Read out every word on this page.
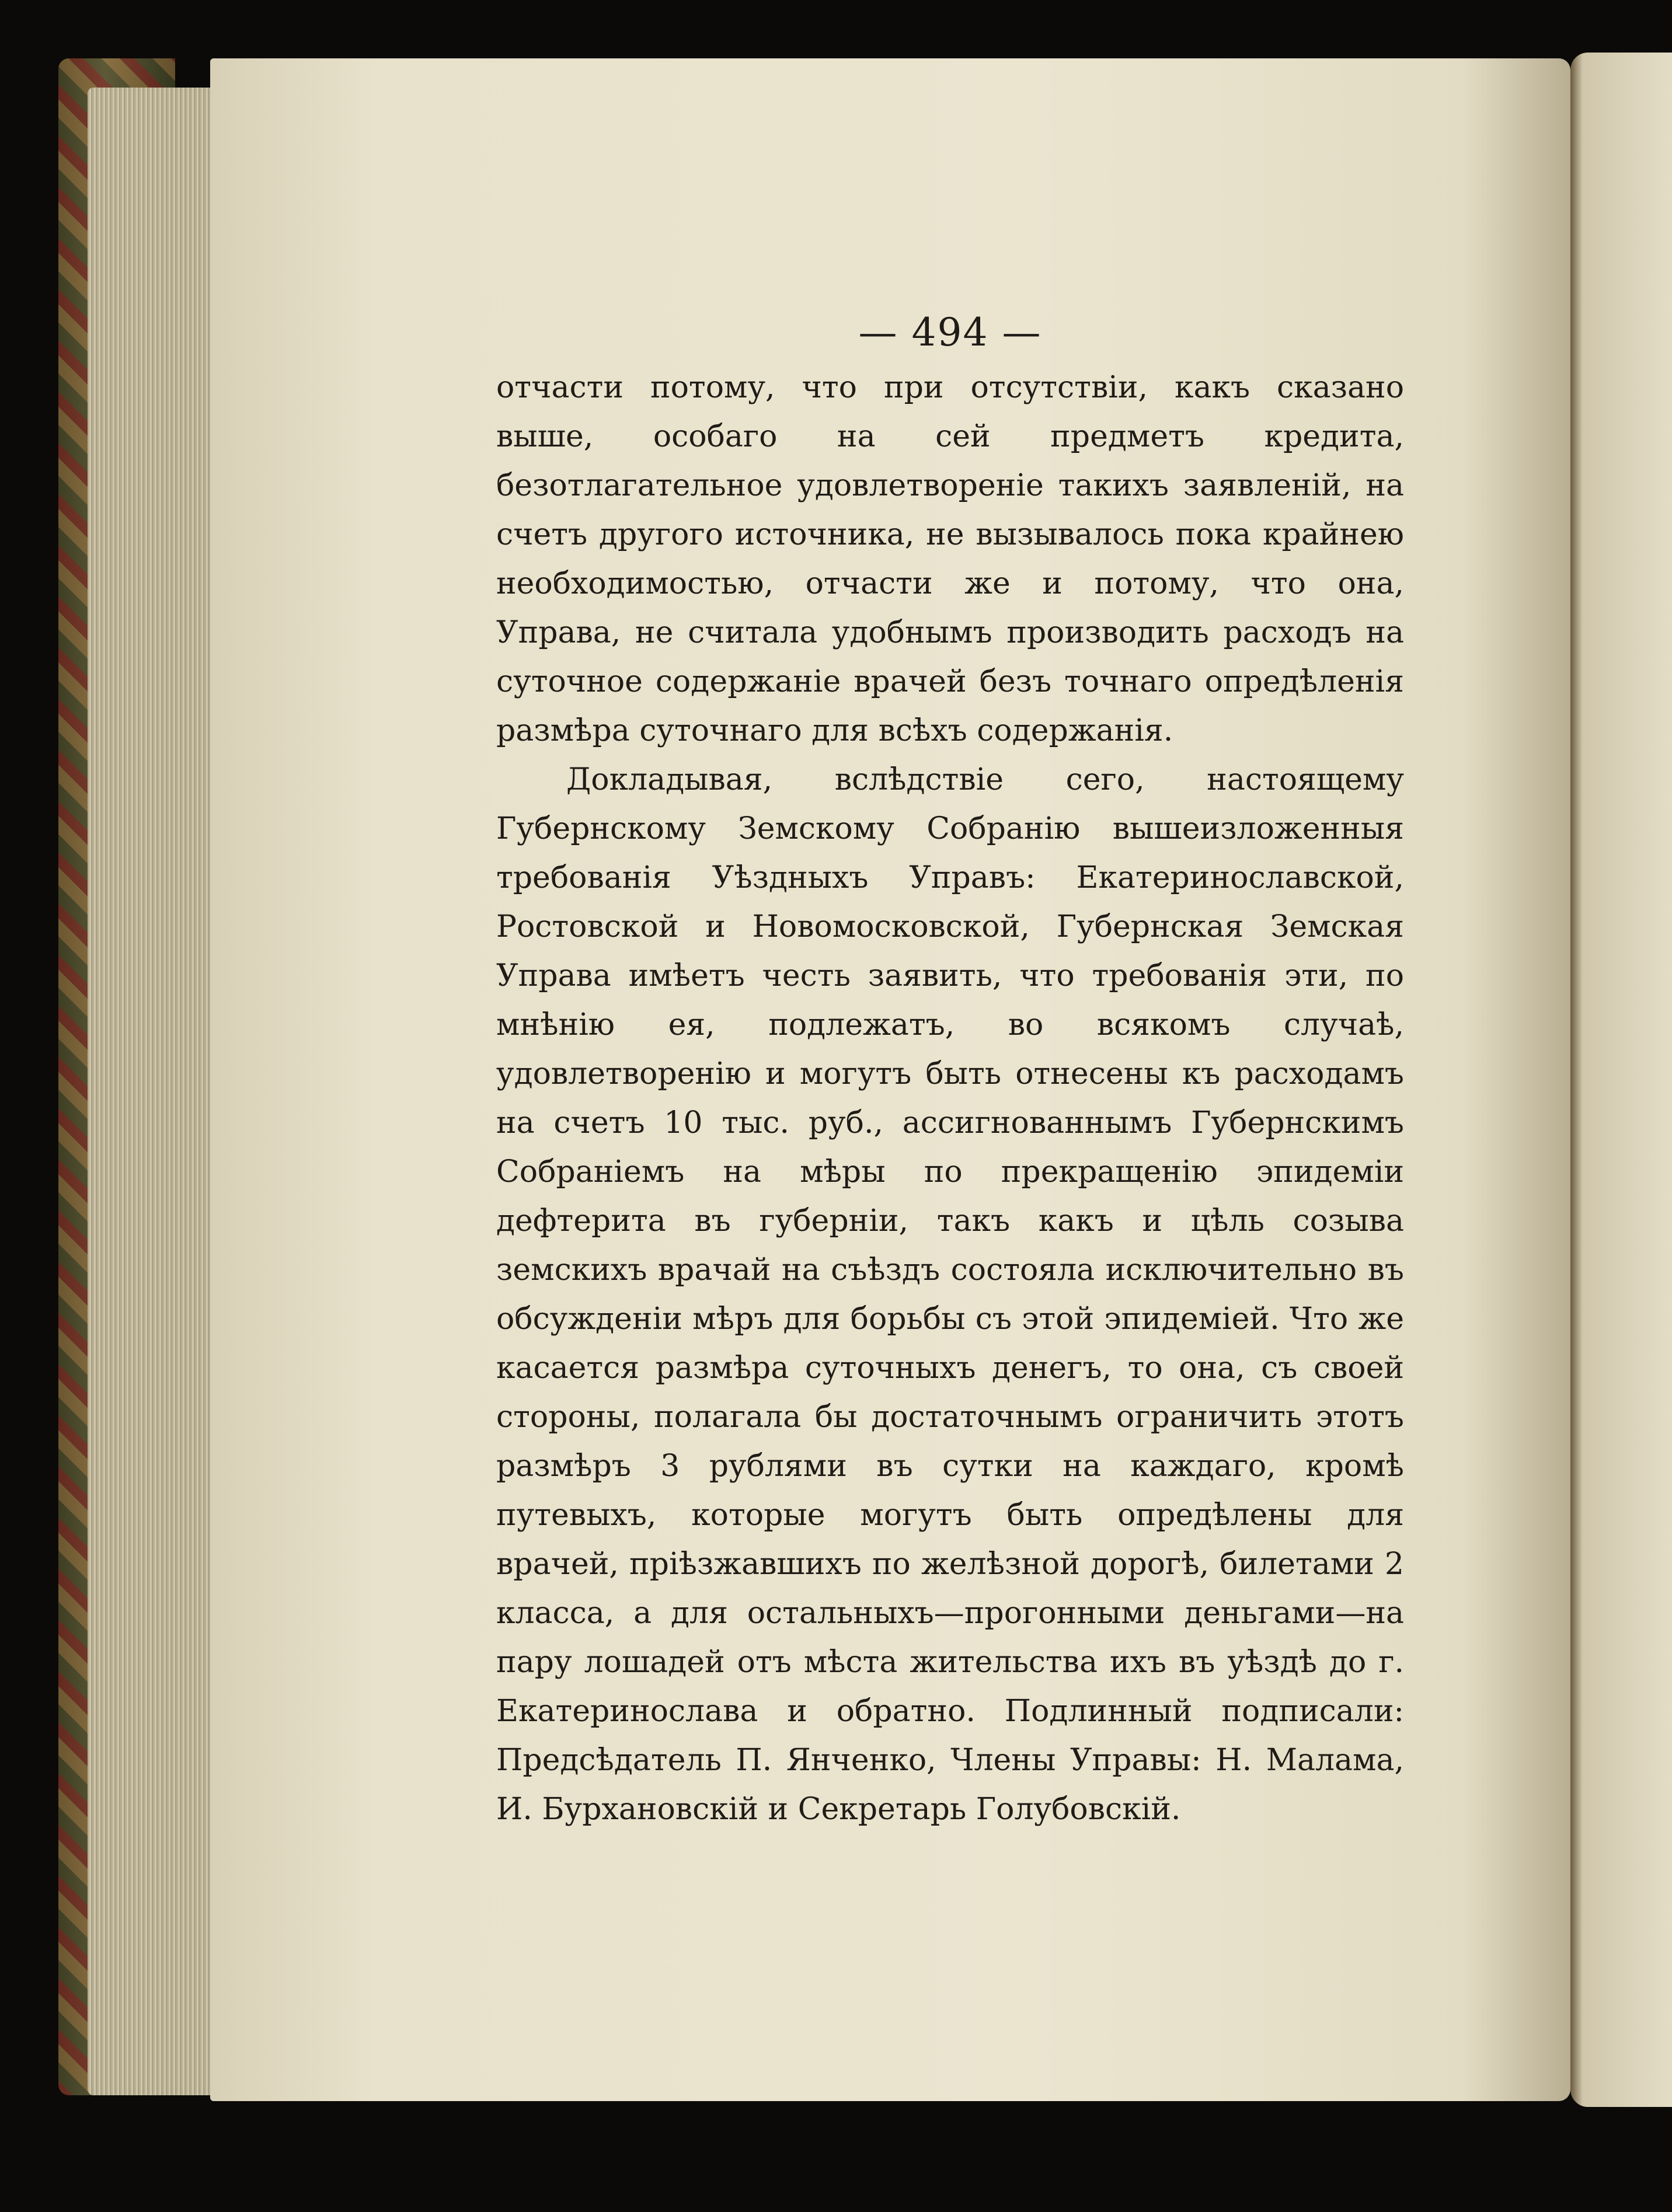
— 494 —

отчасти потому, что при отсутствіи, какъ сказано выше, особаго на сей предметъ кредита, безотлагательное удовлетвореніе такихъ заявленій, на счетъ другого источника, не вызывалось пока крайнею необходимостью, отчасти же и потому, что она, Управа, не считала удобнымъ производить расходъ на суточное содержаніе врачей безъ точнаго опредѣленія размѣра суточнаго для всѣхъ содержанія.

Докладывая, вслѣдствіе сего, настоящему Губернскому Земскому Собранію вышеизложенныя требованія Уѣздныхъ Управъ: Екатеринославской, Ростовской и Новомосковской, Губернская Земская Управа имѣетъ честь заявить, что требованія эти, по мнѣнію ея, подлежатъ, во всякомъ случаѣ, удовлетворенію и могутъ быть отнесены къ расходамъ на счетъ 10 тыс. руб., ассигнованнымъ Губернскимъ Собраніемъ на мѣры по прекращенію эпидеміи дефтерита въ губерніи, такъ какъ и цѣль созыва земскихъ врачай на съѣздъ состояла исключительно въ обсужденіи мѣръ для борьбы съ этой эпидеміей. Что же касается размѣра суточныхъ денегъ, то она, съ своей стороны, полагала бы достаточнымъ ограничить этотъ размѣръ 3 рублями въ сутки на каждаго, кромѣ путевыхъ, которые могутъ быть опредѣлены для врачей, пріѣзжавшихъ по желѣзной дорогѣ, билетами 2 класса, а для остальныхъ—прогонными деньгами—на пару лошадей отъ мѣста жительства ихъ въ уѣздѣ до г. Екатеринослава и обратно. Подлинный подписали: Предсѣдатель П. Янченко, Члены Управы: Н. Малама, И. Бурхановскій и Секретарь Голубовскій.
